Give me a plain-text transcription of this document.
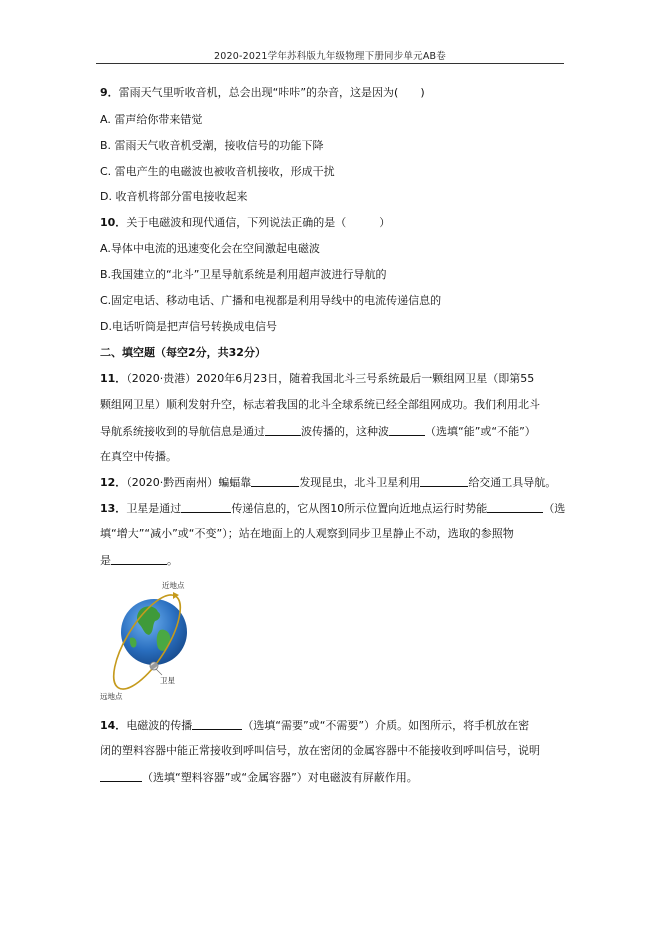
2020-2021学年苏科版九年级物理下册同步单元AB卷
9．雷雨天气里听收音机，总会出现“咔咔”的杂音，这是因为(　　)
A. 雷声给你带来错觉
B. 雷雨天气收音机受潮，接收信号的功能下降
C. 雷电产生的电磁波也被收音机接收，形成干扰
D. 收音机将部分雷电接收起来
10．关于电磁波和现代通信，下列说法正确的是（　　　）
A.导体中电流的迅速变化会在空间激起电磁波
B.我国建立的“北斗”卫星导航系统是利用超声波进行导航的
C.固定电话、移动电话、广播和电视都是利用导线中的电流传递信息的
D.电话听筒是把声信号转换成电信号
二、填空题（每空2分，共32分）
11．（2020·贵港）2020年6月23日，随着我国北斗三号系统最后一颗组网卫星（即第55
颗组网卫星）顺利发射升空，标志着我国的北斗全球系统已经全部组网成功。我们利用北斗
导航系统接收到的导航信息是通过	波传播的，这种波	（选填“能”或“不能”）
在真空中传播。
12．（2020·黔西南州）蝙蝠靠	发现昆虫，北斗卫星利用	给交通工具导航。
13．卫星是通过	传递信息的，它从图10所示位置向近地点运行时势能	（选
填“增大”“减小”或“不变”）；站在地面上的人观察到同步卫星静止不动，选取的参照物
是	。
近地点
卫星
远地点
14．电磁波的传播	（选填“需要”或“不需要”）介质。如图所示，将手机放在密
闭的塑料容器中能正常接收到呼叫信号，放在密闭的金属容器中不能接收到呼叫信号，说明
（选填“塑料容器”或“金属容器”）对电磁波有屏蔽作用。
